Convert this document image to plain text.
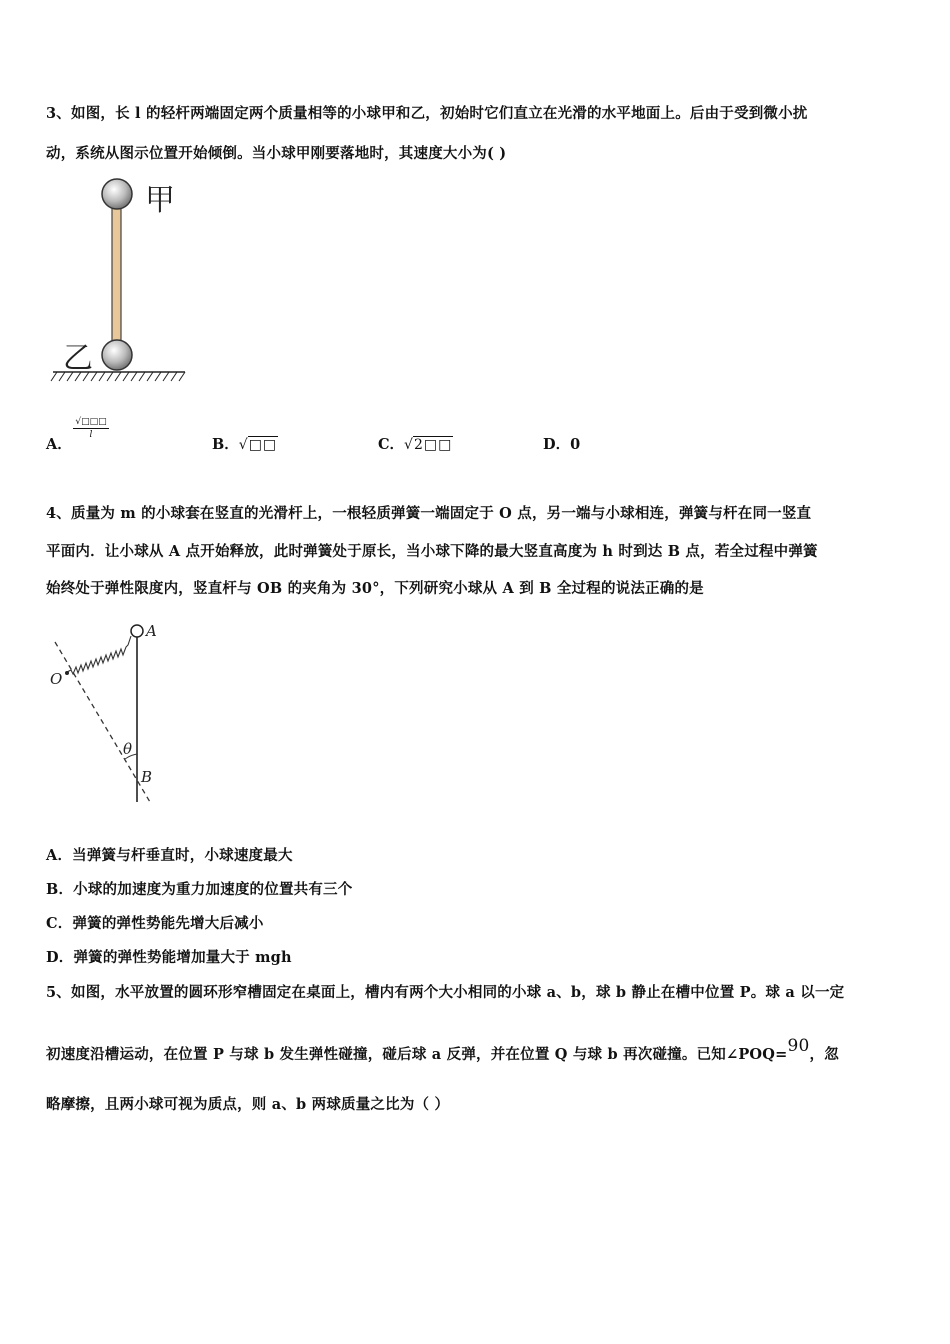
3、如图，长 l 的轻杆两端固定两个质量相等的小球甲和乙，初始时它们直立在光滑的水平地面上。后由于受到微小扰
动，系统从图示位置开始倾倒。当小球甲刚要落地时，其速度大小为( )
甲
乙
A．
√□□□
l
B．√□□	C．√2□□	D．0
4、质量为 m 的小球套在竖直的光滑杆上，一根轻质弹簧一端固定于 O 点，另一端与小球相连，弹簧与杆在同一竖直
平面内．让小球从 A 点开始释放，此时弹簧处于原长，当小球下降的最大竖直高度为 h 时到达 B 点，若全过程中弹簧
始终处于弹性限度内，竖直杆与 OB 的夹角为 30°，下列研究小球从 A 到 B 全过程的说法正确的是
A
O
θ
B
A．当弹簧与杆垂直时，小球速度最大
B．小球的加速度为重力加速度的位置共有三个
C．弹簧的弹性势能先增大后减小
D．弹簧的弹性势能增加量大于 mgh
5、如图，水平放置的圆环形窄槽固定在桌面上，槽内有两个大小相同的小球 a、b，球 b 静止在槽中位置 P。球 a 以一定
初速度沿槽运动，在位置 P 与球 b 发生弹性碰撞，碰后球 a 反弹，并在位置 Q 与球 b 再次碰撞。已知∠POQ=90，忽
略摩擦，且两小球可视为质点，则 a、b 两球质量之比为（ ）
